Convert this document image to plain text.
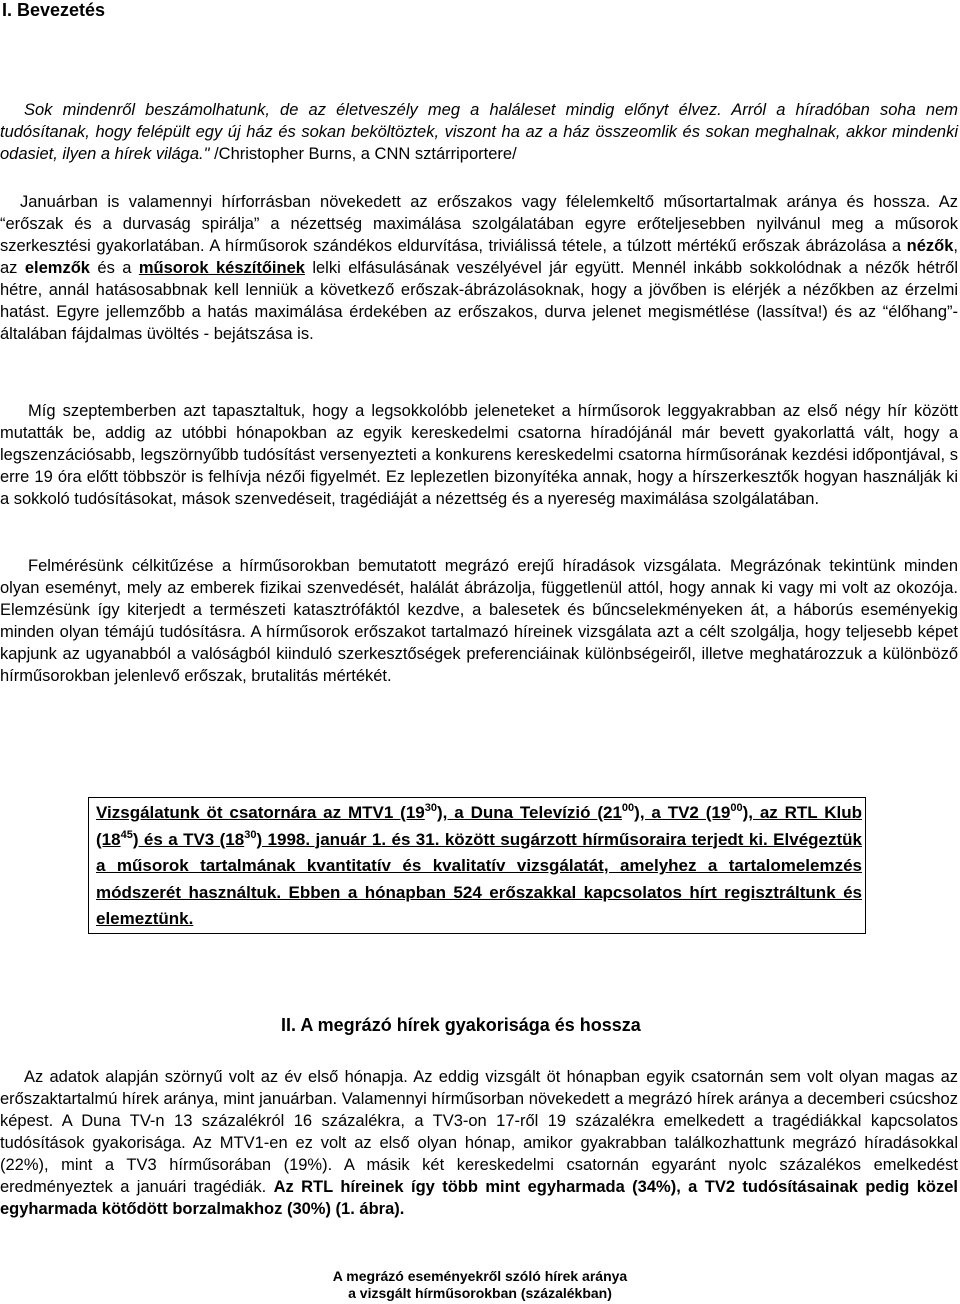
I. Bevezetés
Sok mindenről beszámolhatunk, de az életveszély meg a haláleset mindig előnyt élvez. Arról a híradóban soha nem tudósítanak, hogy felépült egy új ház és sokan beköltöztek, viszont ha az a ház összeomlik és sokan meghalnak, akkor mindenki odasiet, ilyen a hírek világa." /Christopher Burns, a CNN sztárriportere/
Januárban is valamennyi hírforrásban növekedett az erőszakos vagy félelemkeltő műsortartalmak aránya és hossza. Az “erőszak és a durvaság spirálja” a nézettség maximálása szolgálatában egyre erőteljesebben nyilvánul meg a műsorok szerkesztési gyakorlatában. A hírműsorok szándékos eldurvítása, triviálissá tétele, a túlzott mértékű erőszak ábrázolása a nézők, az elemzők és a műsorok készítőinek lelki elfásulásának veszélyével jár együtt. Mennél inkább sokkolódnak a nézők hétről hétre, annál hatásosabbnak kell lenniük a következő erőszak-ábrázolásoknak, hogy a jövőben is elérjék a nézőkben az érzelmi hatást. Egyre jellemzőbb a hatás maximálása érdekében az erőszakos, durva jelenet megismétlése (lassítva!) és az “élőhang”- általában fájdalmas üvöltés - bejátszása is.
Míg szeptemberben azt tapasztaltuk, hogy a legsokkolóbb jeleneteket a hírműsorok leggyakrabban az első négy hír között mutatták be, addig az utóbbi hónapokban az egyik kereskedelmi csatorna híradójánál már bevett gyakorlattá vált, hogy a legszenzációsabb, legszörnyűbb tudósítást versenyezteti a konkurens kereskedelmi csatorna hírműsorának kezdési időpontjával, s erre 19 óra előtt többször is felhívja nézői figyelmét. Ez leplezetlen bizonyítéka annak, hogy a hírszerkesztők hogyan használják ki a sokkoló tudósításokat, mások szenvedéseit, tragédiáját a nézettség és a nyereség maximálása szolgálatában.
Felmérésünk célkitűzése a hírműsorokban bemutatott megrázó erejű híradások vizsgálata. Megrázónak tekintünk minden olyan eseményt, mely az emberek fizikai szenvedését, halálát ábrázolja, függetlenül attól, hogy annak ki vagy mi volt az okozója. Elemzésünk így kiterjedt a természeti katasztrófáktól kezdve, a balesetek és bűncselekményeken át, a háborús eseményekig minden olyan témájú tudósításra. A hírműsorok erőszakot tartalmazó híreinek vizsgálata azt a célt szolgálja, hogy teljesebb képet kapjunk az ugyanabból a valóságból kiinduló szerkesztőségek preferenciáinak különbségeiről, illetve meghatározzuk a különböző hírműsorokban jelenlevő erőszak, brutalitás mértékét.
Vizsgálatunk öt csatornára az MTV1 $(19^{30})$, a Duna Televízió $(21^{00})$, a TV2 $(19^{00})$, az RTL Klub $(18^{45})$ és a TV3 $(18^{30})$ 1998. január 1. és 31. között sugárzott hírműsoraira terjedt ki. Elvégeztük a műsorok tartalmának kvantitatív és kvalitatív vizsgálatát, amelyhez a tartalomelemzés módszerét használtuk. Ebben a hónapban 524 erőszakkal kapcsolatos hírt regisztráltunk és elemeztünk.
II. A megrázó hírek gyakorisága és hossza
Az adatok alapján szörnyű volt az év első hónapja. Az eddig vizsgált öt hónapban egyik csatornán sem volt olyan magas az erőszaktartalmú hírek aránya, mint januárban. Valamennyi hírműsorban növekedett a megrázó hírek aránya a decemberi csúcshoz képest. A Duna TV-n 13 százalékról 16 százalékra, a TV3-on 17-ről 19 százalékra emelkedett a tragédiákkal kapcsolatos tudósítások gyakorisága. Az MTV1-en ez volt az első olyan hónap, amikor gyakrabban találkozhattunk megrázó híradásokkal (22%), mint a TV3 hírműsorában (19%). A másik két kereskedelmi csatornán egyaránt nyolc százalékos emelkedést eredményeztek a januári tragédiák. Az RTL híreinek így több mint egyharmada (34%), a TV2 tudósításainak pedig közel egyharmada kötődött borzalmakhoz (30%) (1. ábra).
A megrázó eseményekről szóló hírek aránya
a vizsgált hírműsorokban (százalékban)
